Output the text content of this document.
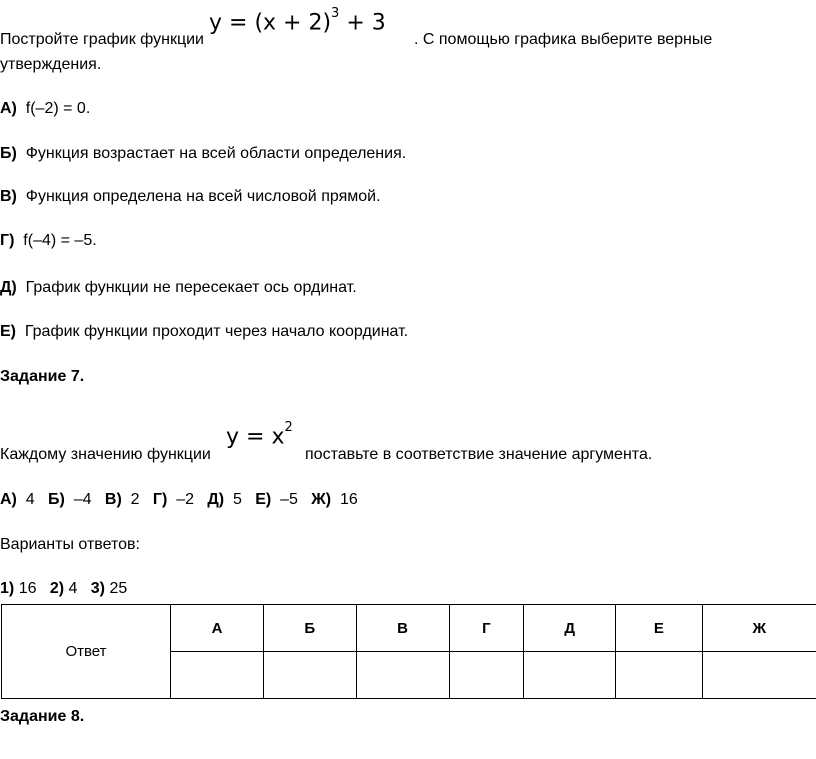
Постройте график функции
$y = (x + 2)^3 + 3$
. С помощью графика выберите верные
утверждения.
А) f(–2) = 0.
Б) Функция возрастает на всей области определения.
В) Функция определена на всей числовой прямой.
Г) f(–4) = –5.
Д) График функции не пересекает ось ординат.
Е) График функции проходит через начало координат.
Задание 7.
Каждому значению функции
$y = x^2$
поставьте в соответствие значение аргумента.
А) 4 Б) –4 В) 2 Г) –2 Д) 5 Е) –5 Ж) 16
Варианты ответов:
1) 16 2) 4 3) 25
Ответ	А	Б	В	Г	Д	Е	Ж

Задание 8.
